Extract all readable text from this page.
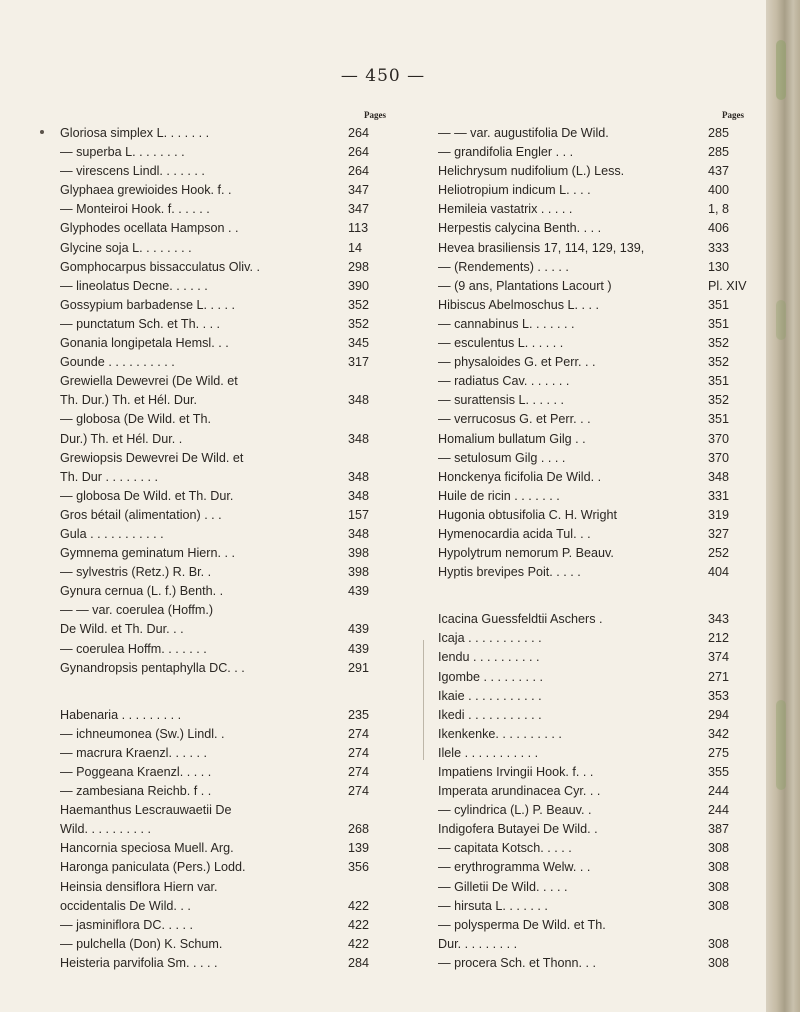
— 450 —
Pages
Gloriosa simplex L. . . . . . .	264
— superba L. . . . . . . .	264
— virescens Lindl. . . . . . .	264
Glyphaea grewioides Hook. f. .	347
— Monteiroi Hook. f. . . . . .	347
Glyphodes ocellata Hampson . .	113
Glycine soja L. . . . . . . .	14
Gomphocarpus bissacculatus Oliv. .	298
— lineolatus Decne. . . . . .	390
Gossypium barbadense L. . . . .	352
— punctatum Sch. et Th. . . .	352
Gonania longipetala Hemsl. . .	345
Gounde . . . . . . . . . .	317
Grewiella Dewevrei (De Wild. et
Th. Dur.) Th. et Hél. Dur.	348
— globosa (De Wild. et Th.
Dur.) Th. et Hél. Dur. .	348
Grewiopsis Dewevrei De Wild. et
Th. Dur . . . . . . . .	348
— globosa De Wild. et Th. Dur.	348
Gros bétail (alimentation) . . .	157
Gula . . . . . . . . . . .	348
Gymnema geminatum Hiern. . .	398
— sylvestris (Retz.) R. Br. .	398
Gynura cernua (L. f.) Benth. .	439
— — var. coerulea (Hoffm.)
De Wild. et Th. Dur. . .	439
— coerulea Hoffm. . . . . . .	439
Gynandropsis pentaphylla DC. . .	291
Habenaria . . . . . . . . .	235
— ichneumonea (Sw.) Lindl. .	274
— macrura Kraenzl. . . . . .	274
— Poggeana Kraenzl. . . . .	274
— zambesiana Reichb. f . .	274
Haemanthus Lescrauwaetii De
Wild. . . . . . . . . .	268
Hancornia speciosa Muell. Arg.	139
Haronga paniculata (Pers.) Lodd.	356
Heinsia densiflora Hiern var.
occidentalis De Wild. . .	422
— jasminiflora DC. . . . .	422
— pulchella (Don) K. Schum.	422
Heisteria parvifolia Sm. . . . .	284
Pages
— — var. augustifolia De Wild.	285
— grandifolia Engler . . .	285
Helichrysum nudifolium (L.) Less.	437
Heliotropium indicum L. . . .	400
Hemileia vastatrix . . . . .	1, 8
Herpestis calycina Benth. . . .	406
Hevea brasiliensis 17, 114, 129, 139,	333
— (Rendements) . . . . .	130
— (9 ans, Plantations Lacourt )	Pl. XIV
Hibiscus Abelmoschus L. . . .	351
— cannabinus L. . . . . . .	351
— esculentus L. . . . . .	352
— physaloides G. et Perr. . .	352
— radiatus Cav. . . . . . .	351
— surattensis L. . . . . .	352
— verrucosus G. et Perr. . .	351
Homalium bullatum Gilg . .	370
— setulosum Gilg . . . .	370
Honckenya ficifolia De Wild. .	348
Huile de ricin . . . . . . .	331
Hugonia obtusifolia C. H. Wright	319
Hymenocardia acida Tul. . .	327
Hypolytrum nemorum P. Beauv.	252
Hyptis brevipes Poit. . . . .	404
Icacina Guessfeldtii Aschers .	343
Icaja . . . . . . . . . . .	212
Iendu . . . . . . . . . .	374
Igombe . . . . . . . . .	271
Ikaie . . . . . . . . . . .	353
Ikedi . . . . . . . . . . .	294
Ikenkenke. . . . . . . . . .	342
Ilele . . . . . . . . . . .	275
Impatiens Irvingii Hook. f. . .	355
Imperata arundinacea Cyr. . .	244
— cylindrica (L.) P. Beauv. .	244
Indigofera Butayei De Wild. .	387
— capitata Kotsch. . . . .	308
— erythrogramma Welw. . .	308
— Gilletii De Wild. . . . .	308
— hirsuta L. . . . . . .	308
— polysperma De Wild. et Th.
Dur. . . . . . . . .	308
— procera Sch. et Thonn. . .	308
